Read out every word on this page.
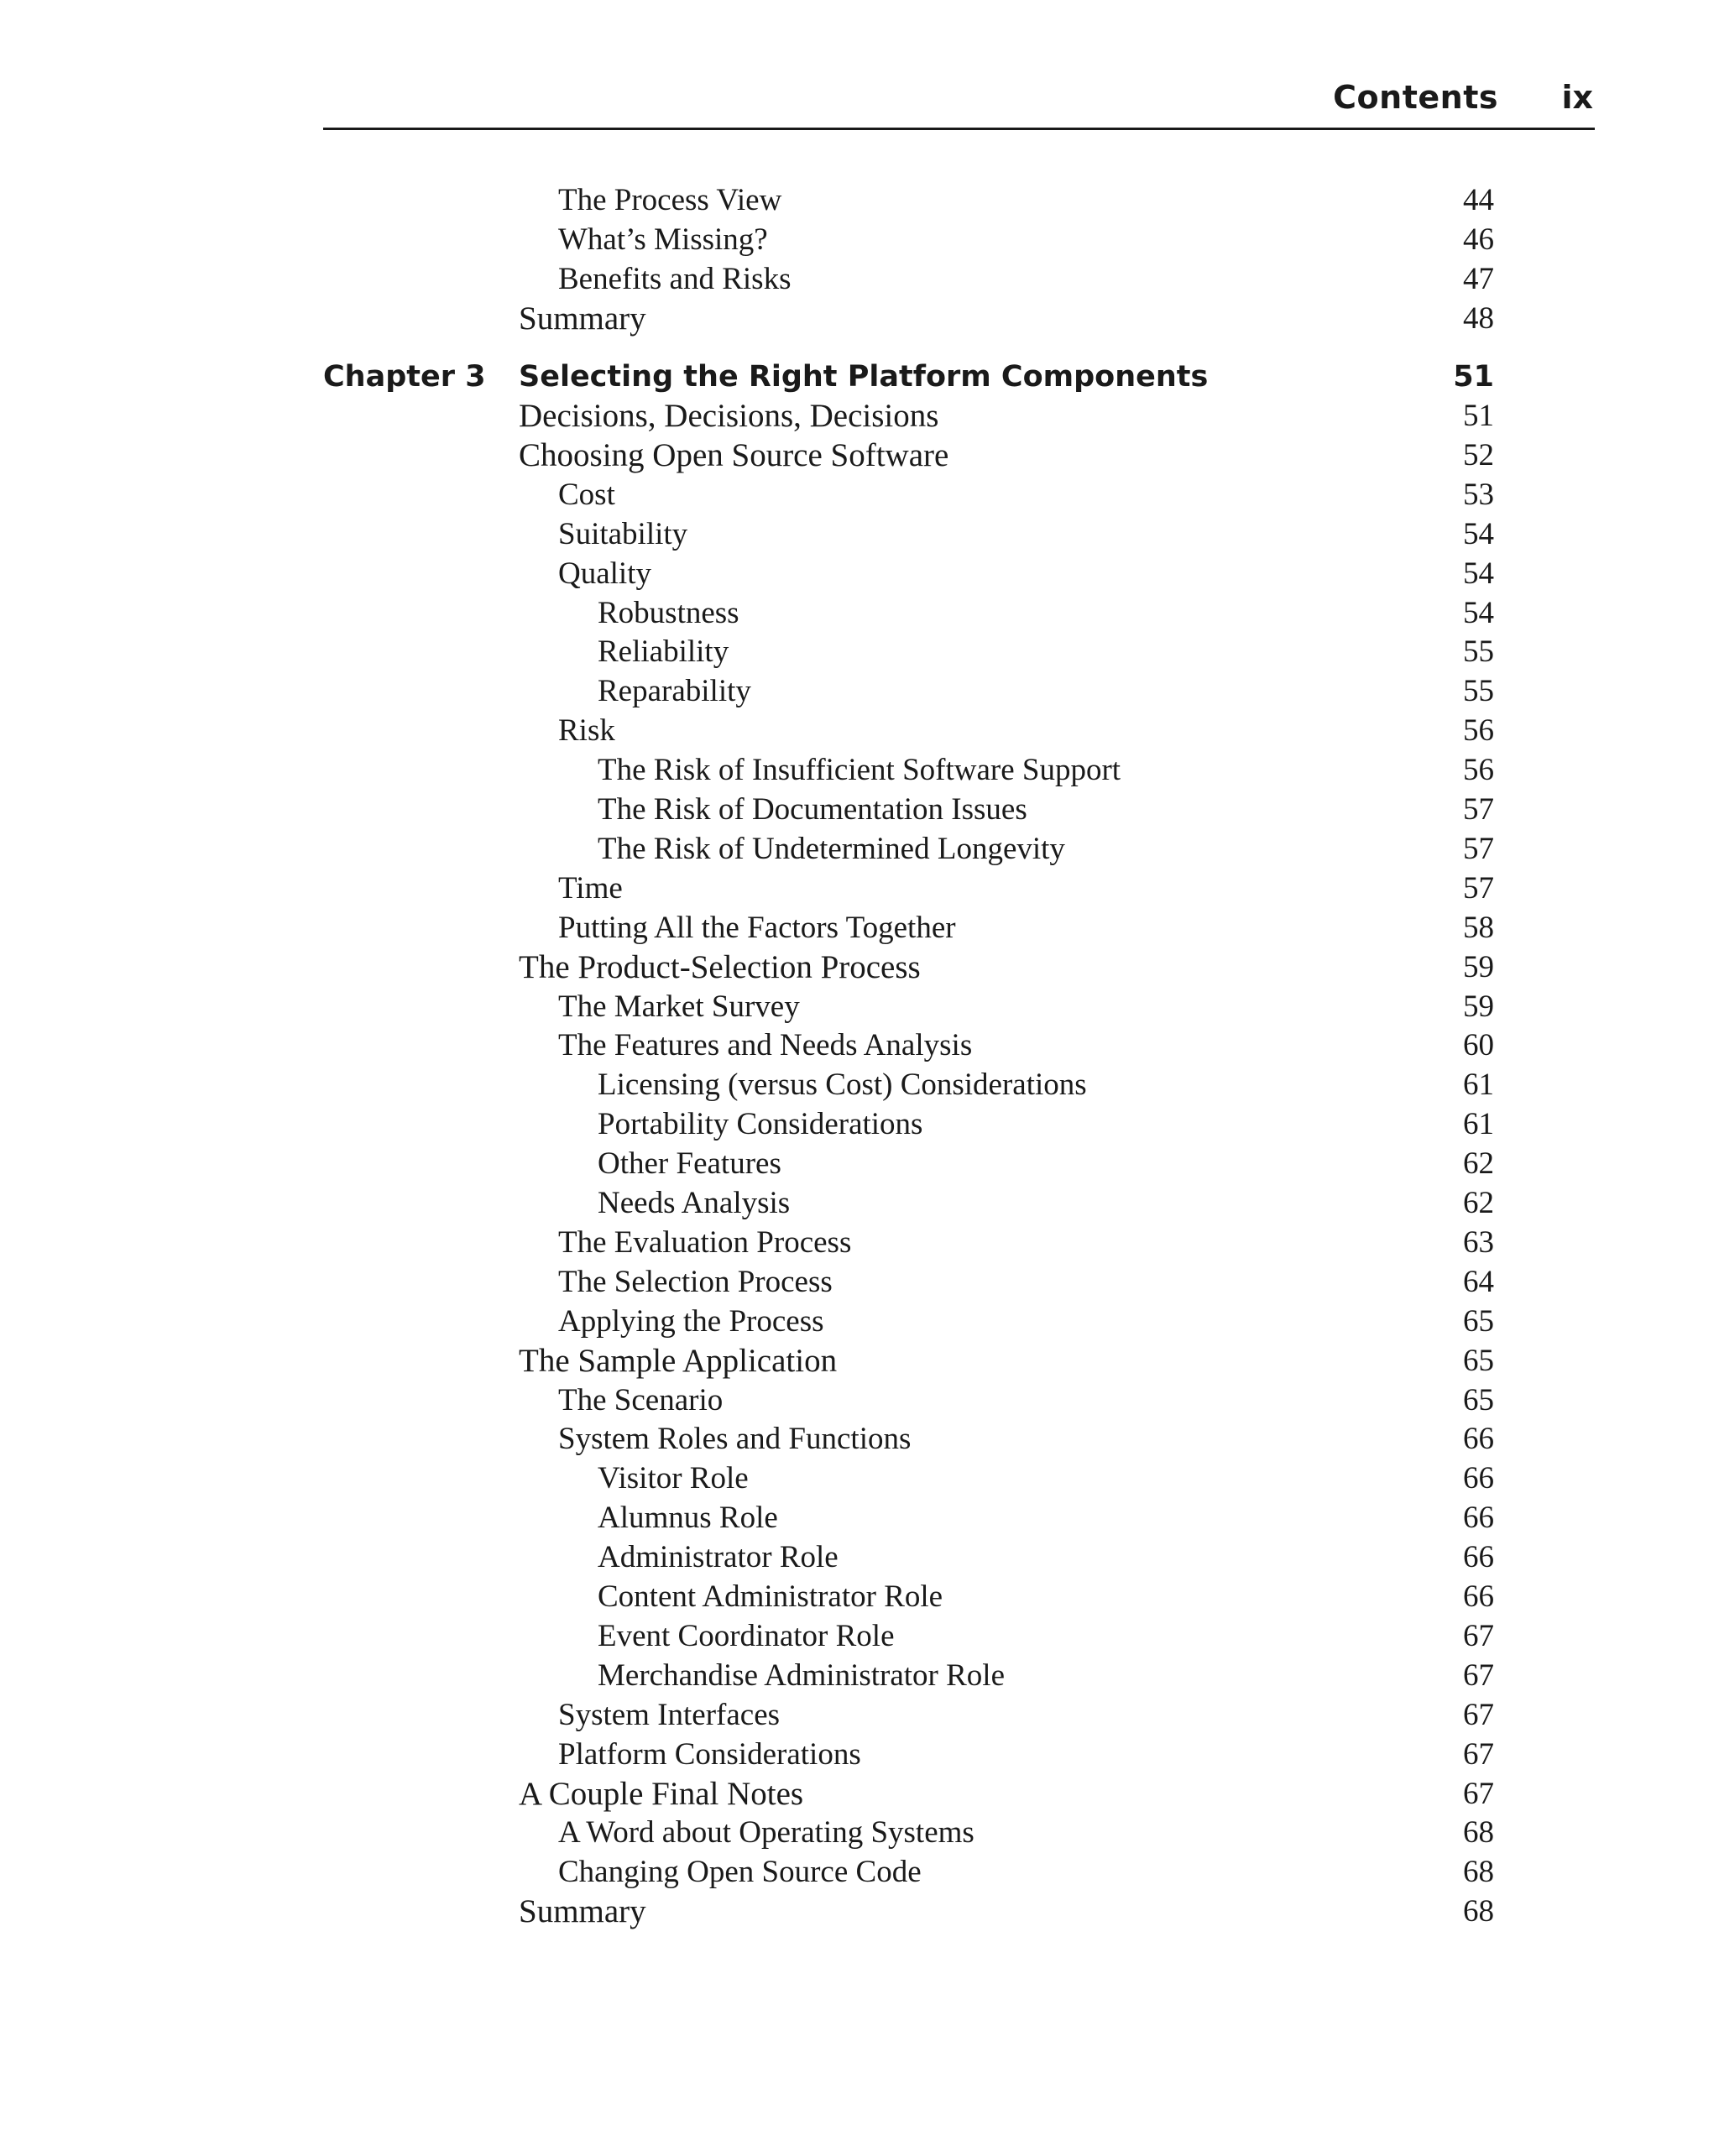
Contents ix
The Process View	44
What’s Missing?	46
Benefits and Risks	47
Summary	48
Chapter 3 Selecting the Right Platform Components	51
Decisions, Decisions, Decisions	51
Choosing Open Source Software	52
Cost	53
Suitability	54
Quality	54
Robustness	54
Reliability	55
Reparability	55
Risk	56
The Risk of Insufficient Software Support	56
The Risk of Documentation Issues	57
The Risk of Undetermined Longevity	57
Time	57
Putting All the Factors Together	58
The Product-Selection Process	59
The Market Survey	59
The Features and Needs Analysis	60
Licensing (versus Cost) Considerations	61
Portability Considerations	61
Other Features	62
Needs Analysis	62
The Evaluation Process	63
The Selection Process	64
Applying the Process	65
The Sample Application	65
The Scenario	65
System Roles and Functions	66
Visitor Role	66
Alumnus Role	66
Administrator Role	66
Content Administrator Role	66
Event Coordinator Role	67
Merchandise Administrator Role	67
System Interfaces	67
Platform Considerations	67
A Couple Final Notes	67
A Word about Operating Systems	68
Changing Open Source Code	68
Summary	68
